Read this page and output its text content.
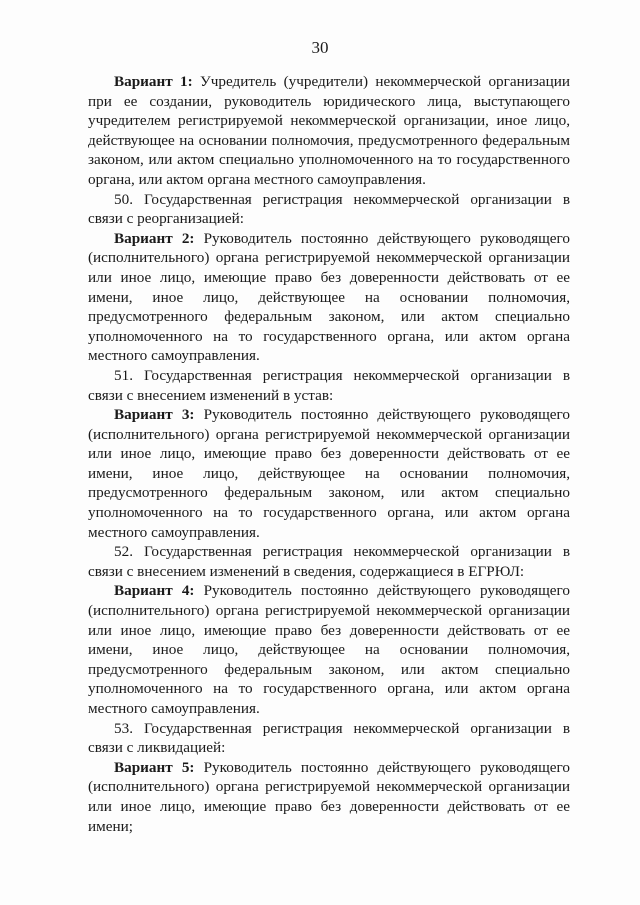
30

Вариант 1: Учредитель (учредители) некоммерческой организации при ее создании, руководитель юридического лица, выступающего учредителем регистрируемой некоммерческой организации, иное лицо, действующее на основании полномочия, предусмотренного федеральным законом, или актом специально уполномоченного на то государственного органа, или актом органа местного самоуправления.

50. Государственная регистрация некоммерческой организации в связи с реорганизацией:

Вариант 2: Руководитель постоянно действующего руководящего (исполнительного) органа регистрируемой некоммерческой организации или иное лицо, имеющие право без доверенности действовать от ее имени, иное лицо, действующее на основании полномочия, предусмотренного федеральным законом, или актом специально уполномоченного на то государственного органа, или актом органа местного самоуправления.

51. Государственная регистрация некоммерческой организации в связи с внесением изменений в устав:

Вариант 3: Руководитель постоянно действующего руководящего (исполнительного) органа регистрируемой некоммерческой организации или иное лицо, имеющие право без доверенности действовать от ее имени, иное лицо, действующее на основании полномочия, предусмотренного федеральным законом, или актом специально уполномоченного на то государственного органа, или актом органа местного самоуправления.

52. Государственная регистрация некоммерческой организации в связи с внесением изменений в сведения, содержащиеся в ЕГРЮЛ:

Вариант 4: Руководитель постоянно действующего руководящего (исполнительного) органа регистрируемой некоммерческой организации или иное лицо, имеющие право без доверенности действовать от ее имени, иное лицо, действующее на основании полномочия, предусмотренного федеральным законом, или актом специально уполномоченного на то государственного органа, или актом органа местного самоуправления.

53. Государственная регистрация некоммерческой организации в связи с ликвидацией:

Вариант 5: Руководитель постоянно действующего руководящего (исполнительного) органа регистрируемой некоммерческой организации или иное лицо, имеющие право без доверенности действовать от ее имени;
